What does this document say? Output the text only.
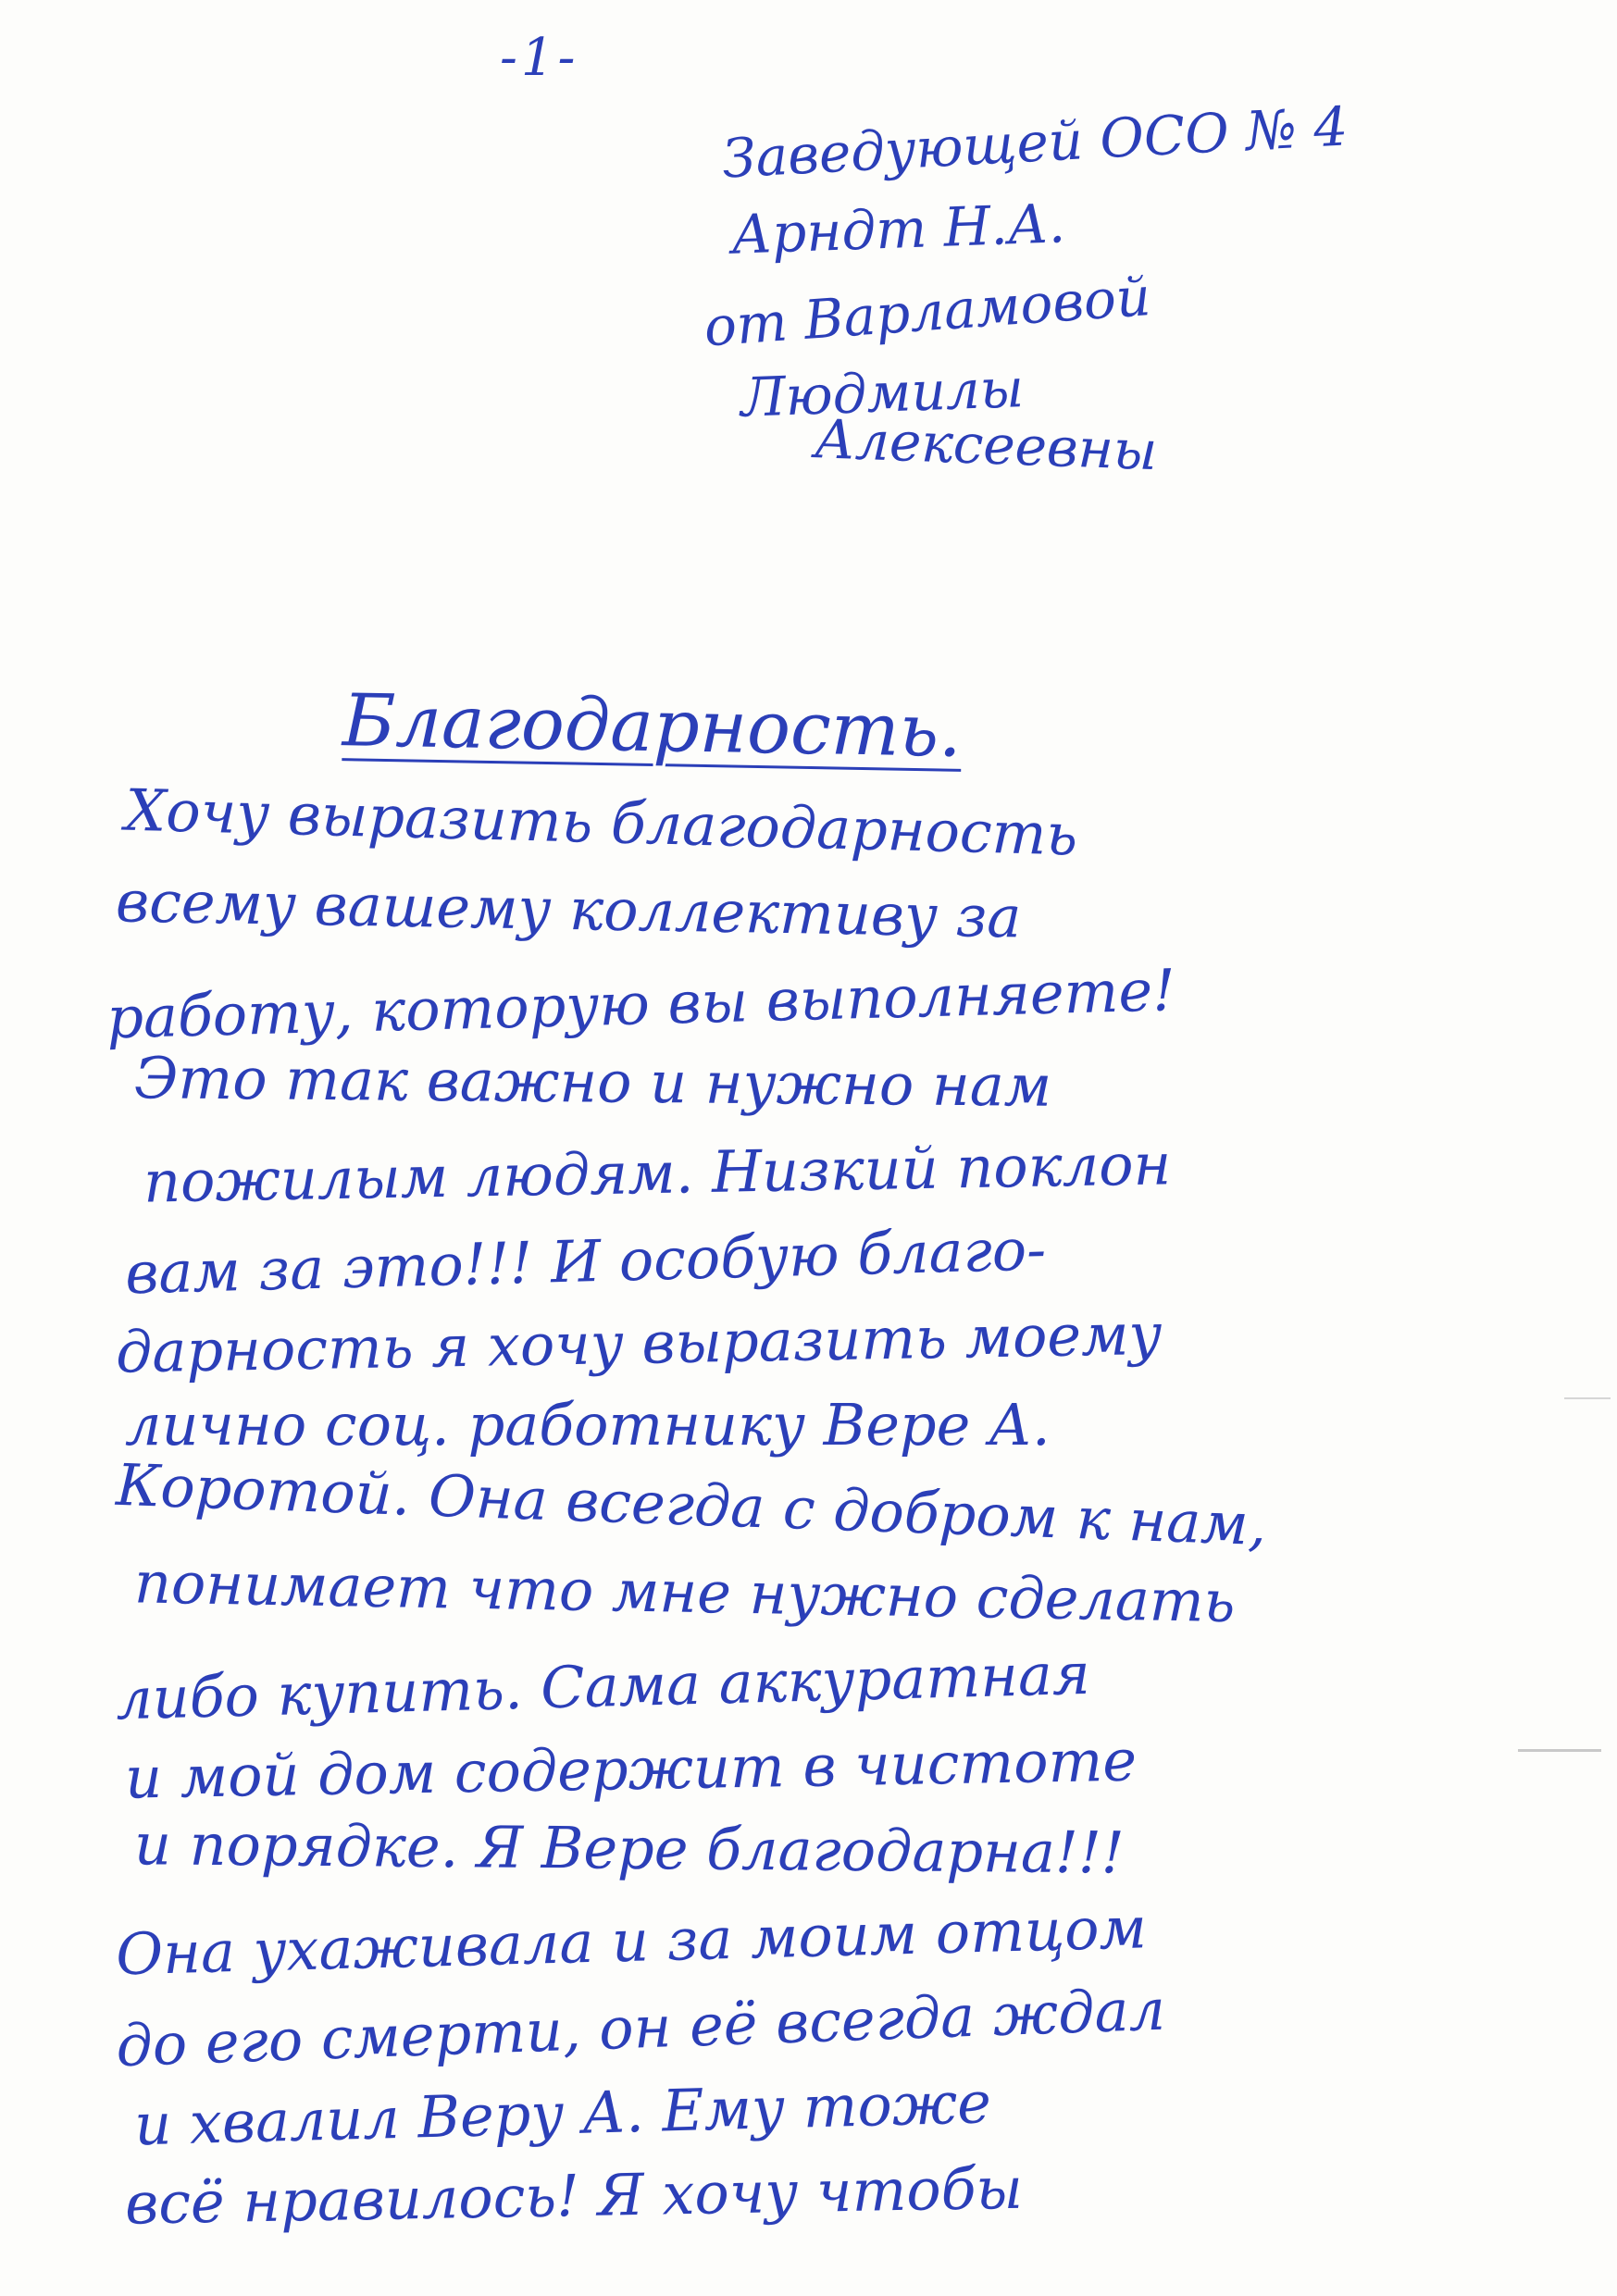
-1-
Заведующей ОСО № 4
Арндт Н.А.
от Варламовой
Людмилы
Алексеевны
Благодарность.
Хочу выразить благодарность
всему вашему коллективу за
работу, которую вы выполняете!
Это так важно и нужно нам
пожилым людям. Низкий поклон
вам за это!!! И особую благо-
дарность я хочу выразить моему
лично соц. работнику Вере А.
Коротой. Она всегда с добром к нам,
понимает что мне нужно сделать
либо купить. Сама аккуратная
и мой дом содержит в чистоте
и порядке. Я Вере благодарна!!!
Она ухаживала и за моим отцом
до его смерти, он её всегда ждал
и хвалил Веру А. Ему тоже
всё нравилось! Я хочу чтобы
